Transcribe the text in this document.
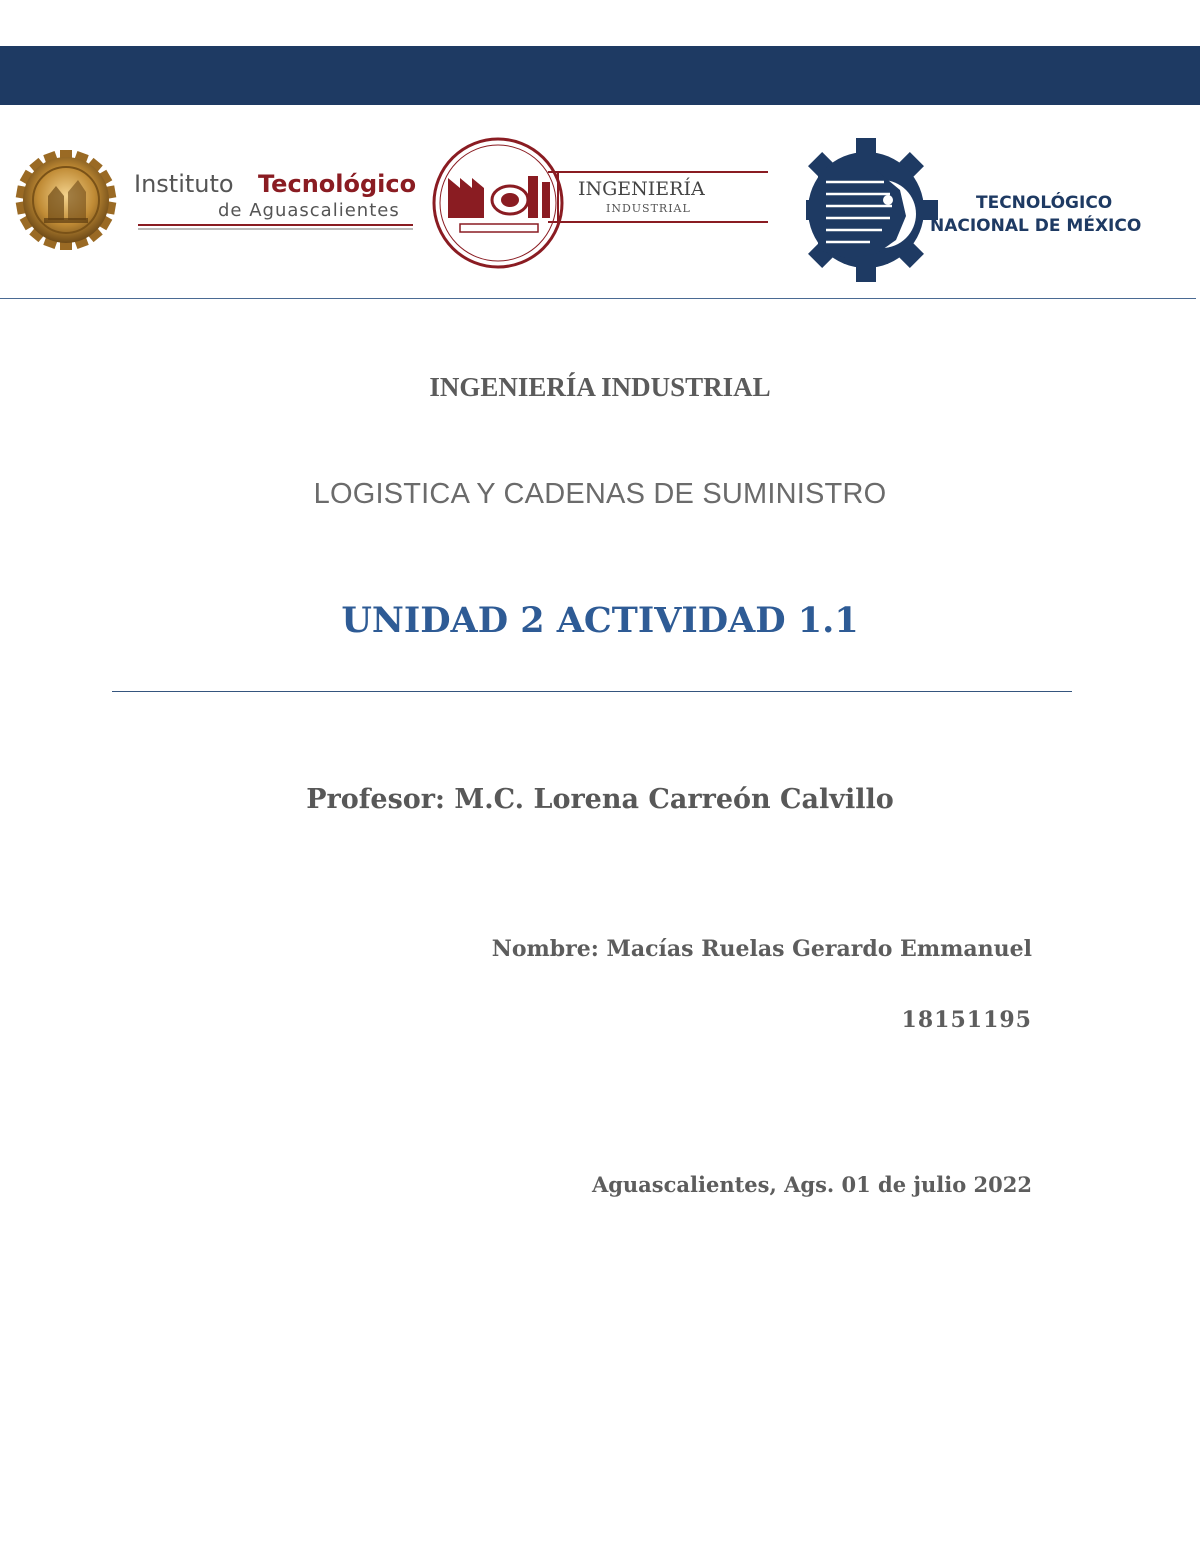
Instituto Tecnológico
de Aguascalientes
INGENIERÍA
INDUSTRIAL	TECNOLÓGICO
NACIONAL DE MÉXICO
INGENIERÍA INDUSTRIAL
LOGISTICA Y CADENAS DE SUMINISTRO
UNIDAD 2 ACTIVIDAD 1.1
Profesor: M.C. Lorena Carreón Calvillo
Nombre: Macías Ruelas Gerardo Emmanuel
18151195
Aguascalientes, Ags. 01 de julio 2022
